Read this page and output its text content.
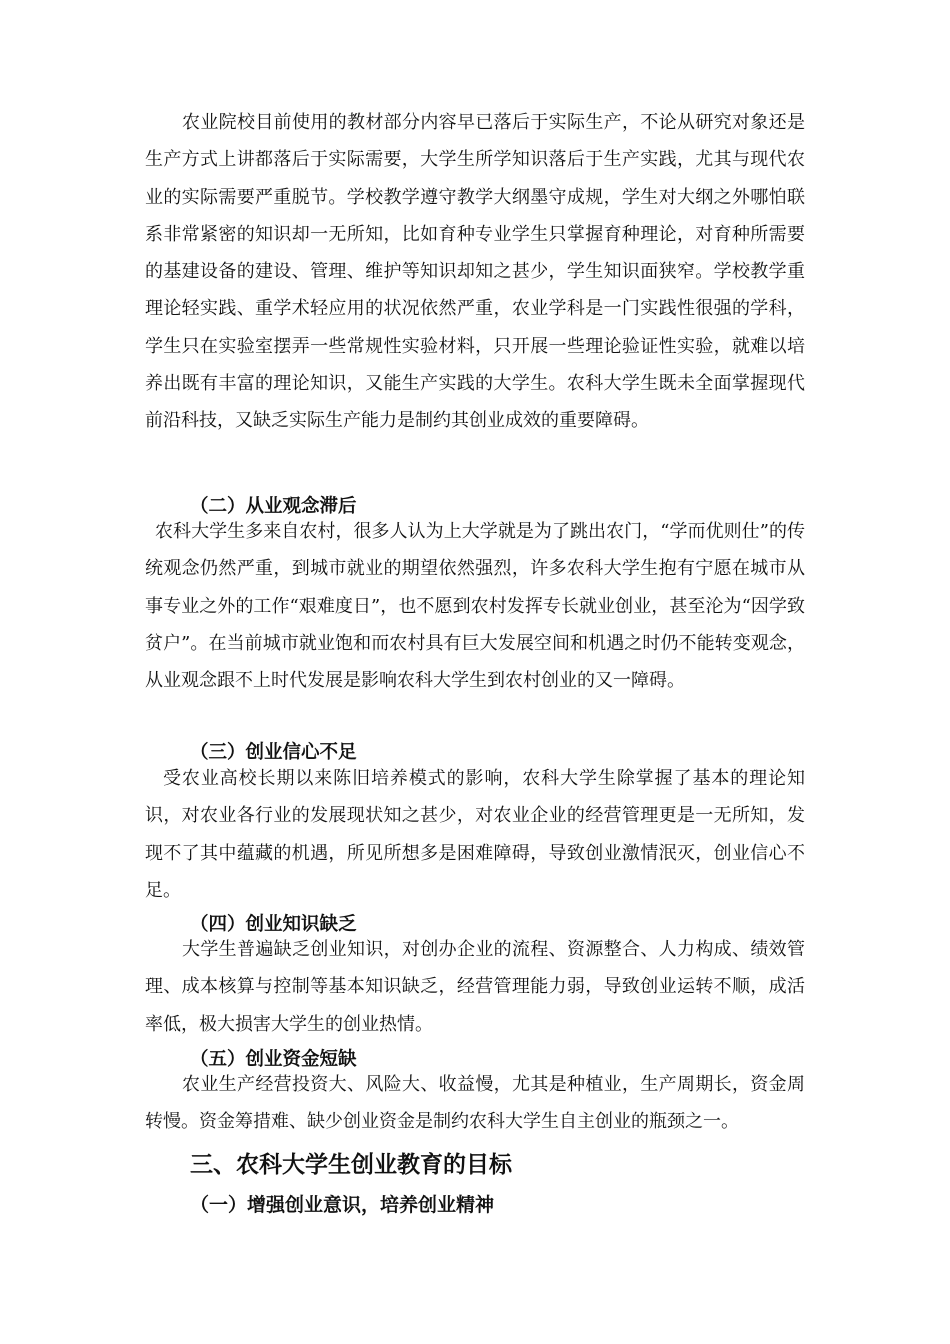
农业院校目前使用的教材部分内容早已落后于实际生产，不论从研究对象还是生产方式上讲都落后于实际需要，大学生所学知识落后于生产实践，尤其与现代农业的实际需要严重脱节。学校教学遵守教学大纲墨守成规，学生对大纲之外哪怕联系非常紧密的知识却一无所知，比如育种专业学生只掌握育种理论，对育种所需要的基建设备的建设、管理、维护等知识却知之甚少，学生知识面狭窄。学校教学重理论轻实践、重学术轻应用的状况依然严重，农业学科是一门实践性很强的学科，学生只在实验室摆弄一些常规性实验材料，只开展一些理论验证性实验，就难以培养出既有丰富的理论知识，又能生产实践的大学生。农科大学生既未全面掌握现代前沿科技，又缺乏实际生产能力是制约其创业成效的重要障碍。

（二）从业观念滞后

农科大学生多来自农村，很多人认为上大学就是为了跳出农门，“学而优则仕”的传统观念仍然严重，到城市就业的期望依然强烈，许多农科大学生抱有宁愿在城市从事专业之外的工作“艰难度日”，也不愿到农村发挥专长就业创业，甚至沦为“因学致贫户”。在当前城市就业饱和而农村具有巨大发展空间和机遇之时仍不能转变观念，从业观念跟不上时代发展是影响农科大学生到农村创业的又一障碍。

（三）创业信心不足

受农业高校长期以来陈旧培养模式的影响，农科大学生除掌握了基本的理论知识，对农业各行业的发展现状知之甚少，对农业企业的经营管理更是一无所知，发现不了其中蕴藏的机遇，所见所想多是困难障碍，导致创业激情泯灭，创业信心不足。

（四）创业知识缺乏

大学生普遍缺乏创业知识，对创办企业的流程、资源整合、人力构成、绩效管理、成本核算与控制等基本知识缺乏，经营管理能力弱，导致创业运转不顺，成活率低，极大损害大学生的创业热情。

（五）创业资金短缺

农业生产经营投资大、风险大、收益慢，尤其是种植业，生产周期长，资金周转慢。资金筹措难、缺少创业资金是制约农科大学生自主创业的瓶颈之一。

三、农科大学生创业教育的目标
（一）增强创业意识，培养创业精神
